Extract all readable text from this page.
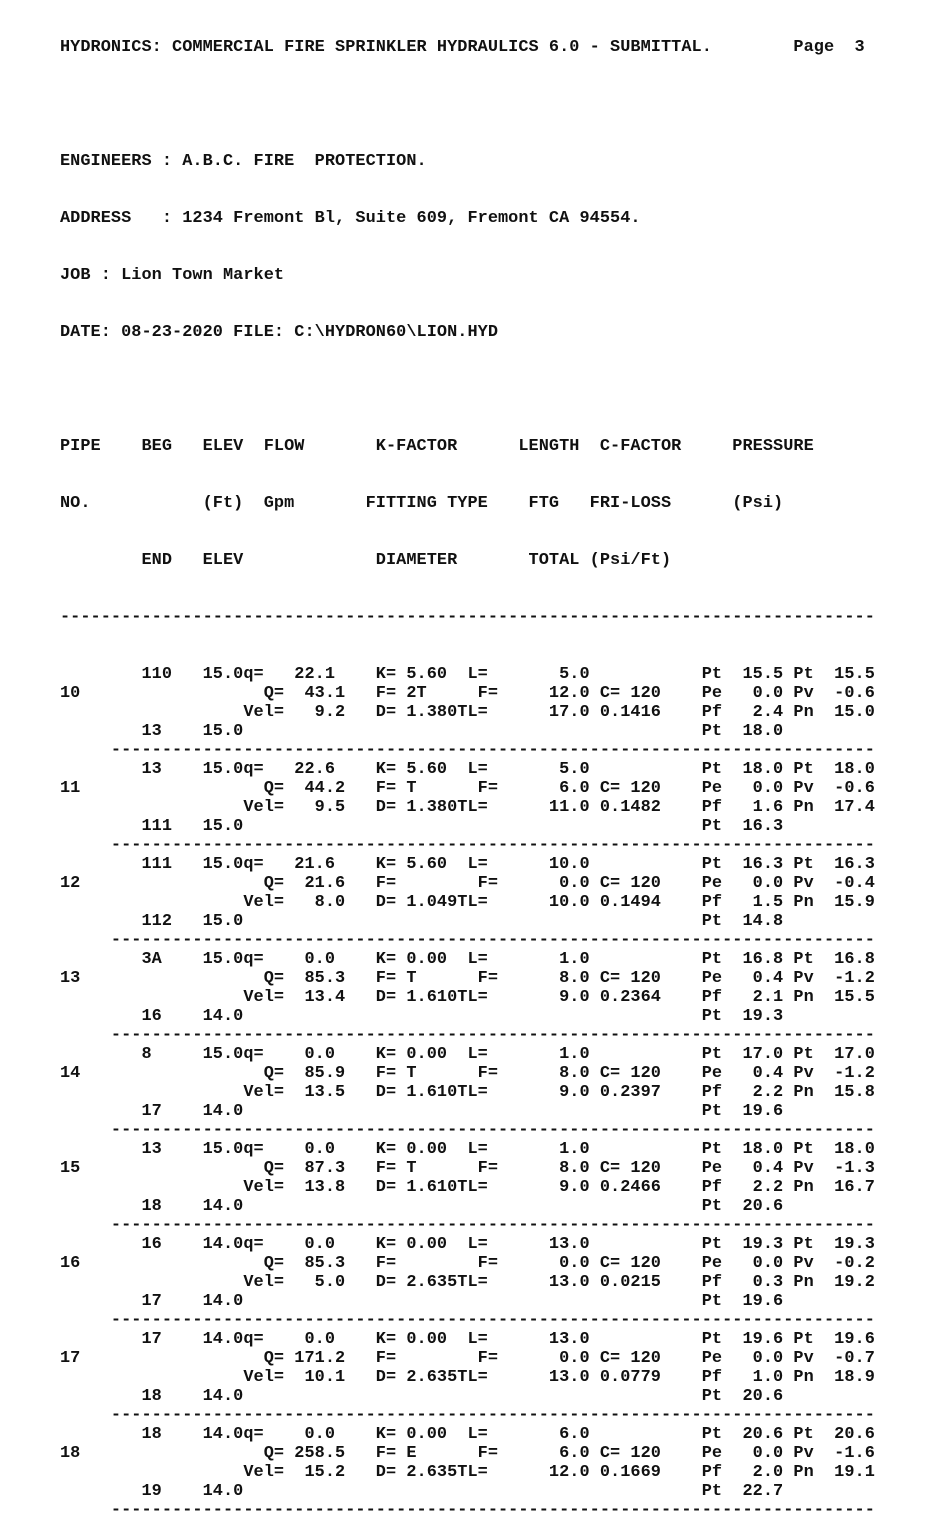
HYDRONICS: COMMERCIAL FIRE SPRINKLER HYDRAULICS 6.0 - SUBMITTAL.        Page  3

ENGINEERS : A.B.C. FIRE  PROTECTION.

ADDRESS   : 1234 Fremont Bl, Suite 609, Fremont CA 94554.

JOB : Lion Town Market

DATE: 08-23-2020 FILE: C:\HYDRON60\LION.HYD

PIPE    BEG   ELEV  FLOW       K-FACTOR      LENGTH  C-FACTOR     PRESSURE

NO.           (Ft)  Gpm       FITTING TYPE    FTG   FRI-LOSS      (Psi)

END   ELEV             DIAMETER       TOTAL (Psi/Ft)

--------------------------------------------------------------------------------

110   15.0q=   22.1    K= 5.60  L=       5.0           Pt  15.5 Pt  15.5
10                  Q=  43.1   F= 2T     F=     12.0 C= 120    Pe   0.0 Pv  -0.6
Vel=   9.2   D= 1.380TL=      17.0 0.1416    Pf   2.4 Pn  15.0
13    15.0                                             Pt  18.0
---------------------------------------------------------------------------
13    15.0q=   22.6    K= 5.60  L=       5.0           Pt  18.0 Pt  18.0
11                  Q=  44.2   F= T      F=      6.0 C= 120    Pe   0.0 Pv  -0.6
Vel=   9.5   D= 1.380TL=      11.0 0.1482    Pf   1.6 Pn  17.4
111   15.0                                             Pt  16.3
---------------------------------------------------------------------------
111   15.0q=   21.6    K= 5.60  L=      10.0           Pt  16.3 Pt  16.3
12                  Q=  21.6   F=        F=      0.0 C= 120    Pe   0.0 Pv  -0.4
Vel=   8.0   D= 1.049TL=      10.0 0.1494    Pf   1.5 Pn  15.9
112   15.0                                             Pt  14.8
---------------------------------------------------------------------------
3A    15.0q=    0.0    K= 0.00  L=       1.0           Pt  16.8 Pt  16.8
13                  Q=  85.3   F= T      F=      8.0 C= 120    Pe   0.4 Pv  -1.2
Vel=  13.4   D= 1.610TL=       9.0 0.2364    Pf   2.1 Pn  15.5
16    14.0                                             Pt  19.3
---------------------------------------------------------------------------
8     15.0q=    0.0    K= 0.00  L=       1.0           Pt  17.0 Pt  17.0
14                  Q=  85.9   F= T      F=      8.0 C= 120    Pe   0.4 Pv  -1.2
Vel=  13.5   D= 1.610TL=       9.0 0.2397    Pf   2.2 Pn  15.8
17    14.0                                             Pt  19.6
---------------------------------------------------------------------------
13    15.0q=    0.0    K= 0.00  L=       1.0           Pt  18.0 Pt  18.0
15                  Q=  87.3   F= T      F=      8.0 C= 120    Pe   0.4 Pv  -1.3
Vel=  13.8   D= 1.610TL=       9.0 0.2466    Pf   2.2 Pn  16.7
18    14.0                                             Pt  20.6
---------------------------------------------------------------------------
16    14.0q=    0.0    K= 0.00  L=      13.0           Pt  19.3 Pt  19.3
16                  Q=  85.3   F=        F=      0.0 C= 120    Pe   0.0 Pv  -0.2
Vel=   5.0   D= 2.635TL=      13.0 0.0215    Pf   0.3 Pn  19.2
17    14.0                                             Pt  19.6
---------------------------------------------------------------------------
17    14.0q=    0.0    K= 0.00  L=      13.0           Pt  19.6 Pt  19.6
17                  Q= 171.2   F=        F=      0.0 C= 120    Pe   0.0 Pv  -0.7
Vel=  10.1   D= 2.635TL=      13.0 0.0779    Pf   1.0 Pn  18.9
18    14.0                                             Pt  20.6
---------------------------------------------------------------------------
18    14.0q=    0.0    K= 0.00  L=       6.0           Pt  20.6 Pt  20.6
18                  Q= 258.5   F= E      F=      6.0 C= 120    Pe   0.0 Pv  -1.6
Vel=  15.2   D= 2.635TL=      12.0 0.1669    Pf   2.0 Pn  19.1
19    14.0                                             Pt  22.7
---------------------------------------------------------------------------
